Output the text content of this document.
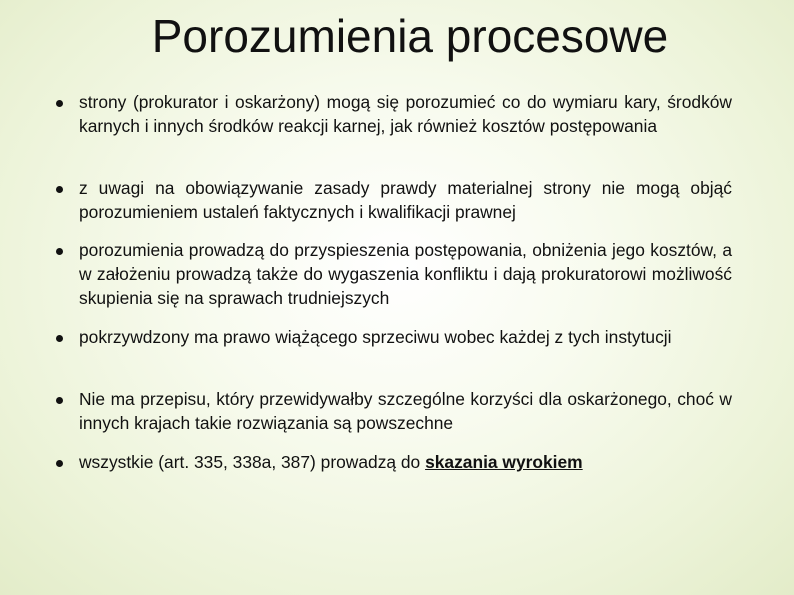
Porozumienia procesowe
strony (prokurator i oskarżony) mogą się porozumieć co do wymiaru kary, środków karnych i innych środków reakcji karnej, jak również kosztów postępowania
z uwagi na obowiązywanie zasady prawdy materialnej strony nie mogą objąć porozumieniem ustaleń faktycznych i kwalifikacji prawnej
porozumienia prowadzą do przyspieszenia postępowania, obniżenia jego kosztów, a w założeniu prowadzą także do wygaszenia konfliktu i dają prokuratorowi możliwość skupienia się na sprawach trudniejszych
pokrzywdzony ma prawo wiążącego sprzeciwu wobec każdej z tych instytucji
Nie ma przepisu, który przewidywałby szczególne korzyści dla oskarżonego, choć w innych krajach takie rozwiązania są powszechne
wszystkie (art. 335, 338a, 387) prowadzą do skazania wyrokiem
